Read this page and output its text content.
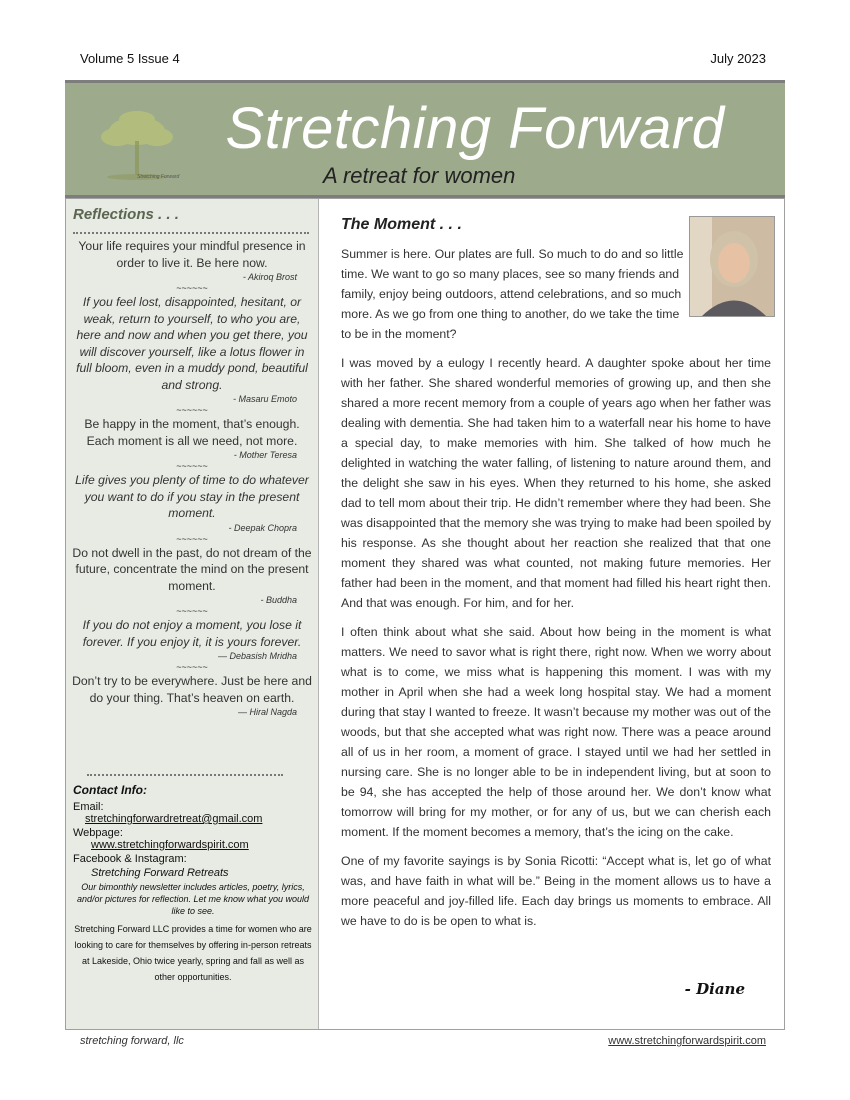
Volume 5 Issue 4	July 2023
Stretching Forward
Stretching Forward
A retreat for women
Reflections . . .
Your life requires your mindful presence in order to live it. Be here now.
- Akiroq Brost
~~~~~~
If you feel lost, disappointed, hesitant, or weak, return to yourself, to who you are, here and now and when you get there, you will discover yourself, like a lotus flower in full bloom, even in a muddy pond, beautiful and strong.
- Masaru Emoto
~~~~~~
Be happy in the moment, that’s enough. Each moment is all we need, not more.
- Mother Teresa
~~~~~~
Life gives you plenty of time to do whatever you want to do if you stay in the present moment.
- Deepak Chopra
~~~~~~
Do not dwell in the past, do not dream of the future, concentrate the mind on the present moment.
- Buddha
~~~~~~
If you do not enjoy a moment, you lose it forever. If you enjoy it, it is yours forever.
— Debasish Mridha
~~~~~~
Don’t try to be everywhere. Just be here and do your thing. That’s heaven on earth.
— Hiral Nagda
Contact Info:
Email:
stretchingforwardretreat@gmail.com
Webpage:
www.stretchingforwardspirit.com
Facebook & Instagram:
Stretching Forward Retreats
Our bimonthly newsletter includes articles, poetry, lyrics, and/or pictures for reflection. Let me know what you would like to see.
Stretching Forward LLC provides a time for women who are looking to care for themselves by offering in-person retreats at Lakeside, Ohio twice yearly, spring and fall as well as other opportunities.
The Moment . . .

Summer is here. Our plates are full. So much to do and so little time. We want to go so many places, see so many friends and family, enjoy being outdoors, attend celebrations, and so much more. As we go from one thing to another, do we take the time to be in the moment?

I was moved by a eulogy I recently heard. A daughter spoke about her time with her father. She shared wonderful memories of growing up, and then she shared a more recent memory from a couple of years ago when her father was dealing with dementia. She had taken him to a waterfall near his home to have a special day, to make memories with him. She talked of how much he delighted in watching the water falling, of listening to nature around them, and the delight she saw in his eyes. When they returned to his home, she asked dad to tell mom about their trip. He didn’t remember where they had been. She was disappointed that the memory she was trying to make had been spoiled by his response. As she thought about her reaction she realized that that one moment they shared was what counted, not making future memories. Her father had been in the moment, and that moment had filled his heart right then. And that was enough. For him, and for her.

I often think about what she said. About how being in the moment is what matters. We need to savor what is right there, right now. When we worry about what is to come, we miss what is happening this moment. I was with my mother in April when she had a week long hospital stay. We had a moment during that stay I wanted to freeze. It wasn’t because my mother was out of the woods, but that she accepted what was right now. There was a peace around all of us in her room, a moment of grace. I stayed until we had her settled in nursing care. She is no longer able to be in independent living, but at soon to be 94, she has accepted the help of those around her. We don’t know what tomorrow will bring for my mother, or for any of us, but we can cherish each moment. If the moment becomes a memory, that’s the icing on the cake.

One of my favorite sayings is by Sonia Ricotti: “Accept what is, let go of what was, and have faith in what will be.” Being in the moment allows us to have a more peaceful and joy-filled life. Each day brings us moments to embrace. All we have to do is be open to what is.

- Diane
stretching forward, llc	www.stretchingforwardspirit.com
